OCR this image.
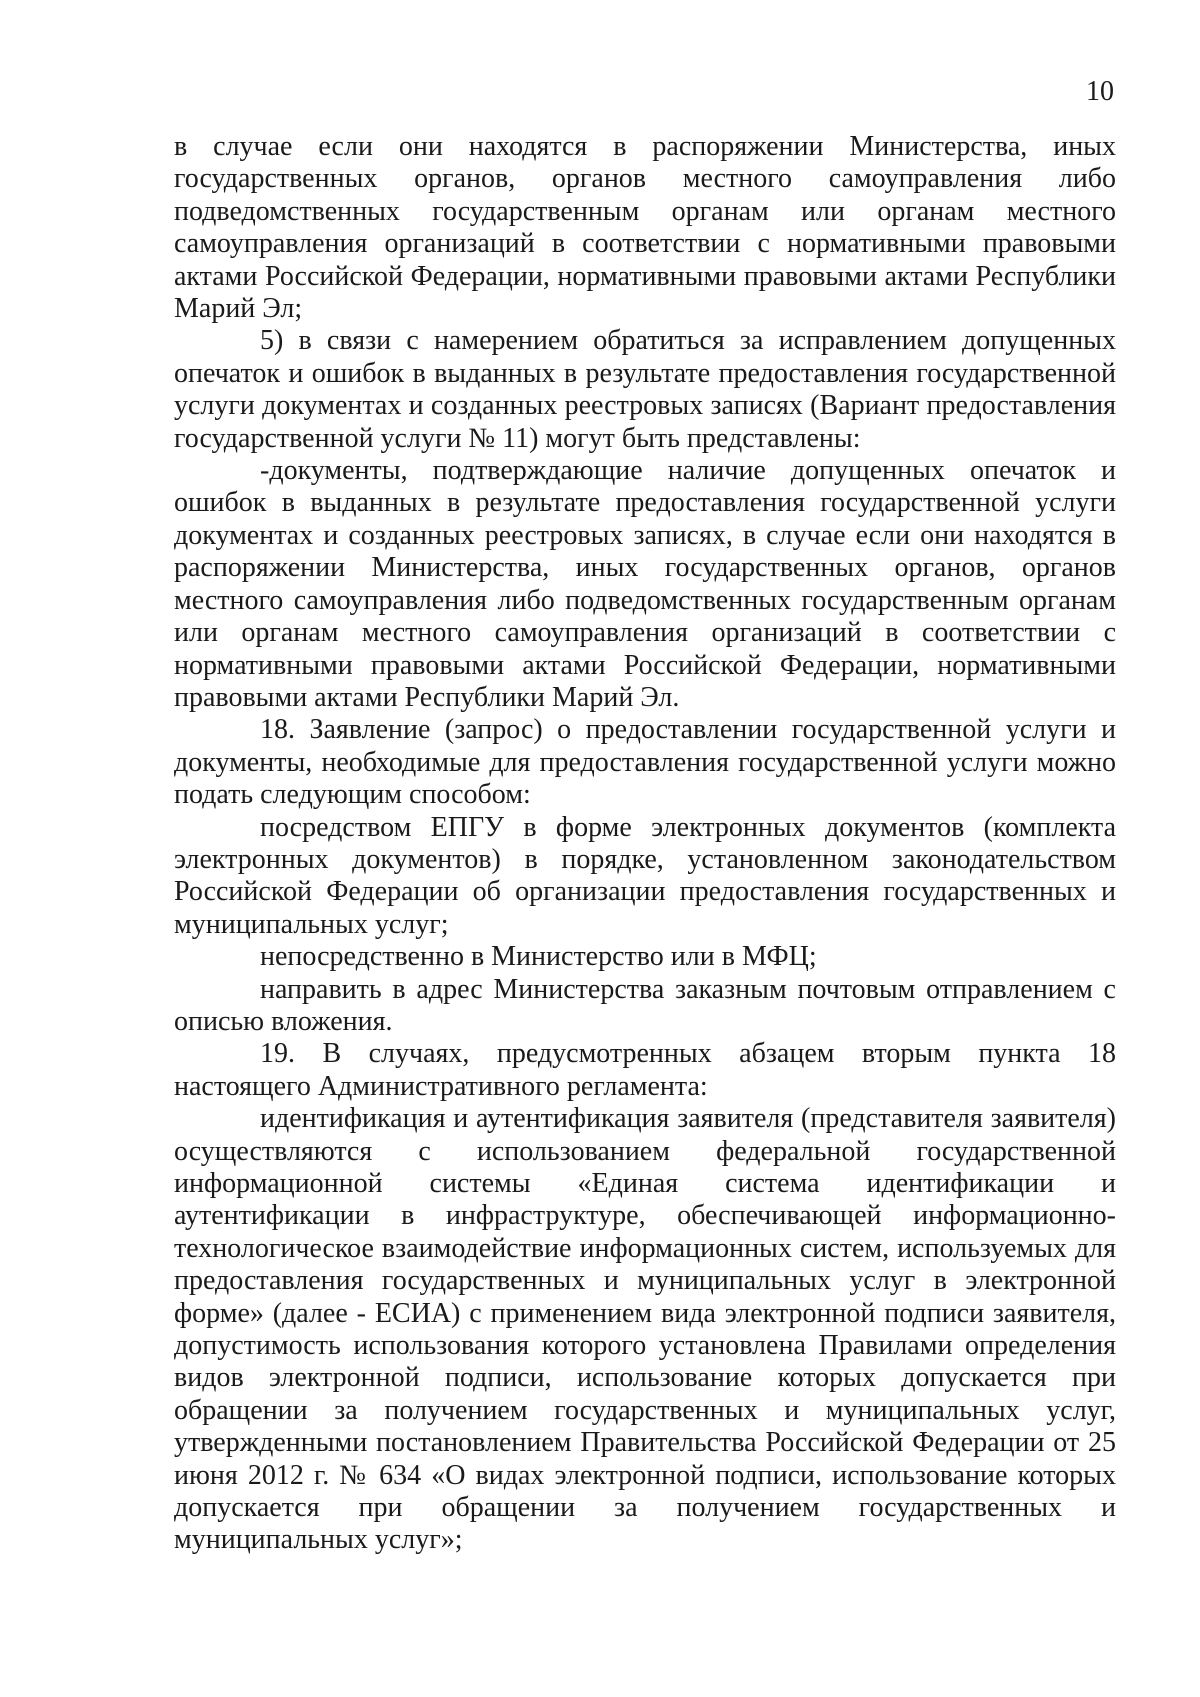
10

в случае если они находятся в распоряжении Министерства, иных государственных органов, органов местного самоуправления либо подведомственных государственным органам или органам местного самоуправления организаций в соответствии с нормативными правовыми актами Российской Федерации, нормативными правовыми актами Республики Марий Эл;

5) в связи с намерением обратиться за исправлением допущенных опечаток и ошибок в выданных в результате предоставления государственной услуги документах и созданных реестровых записях (Вариант предоставления государственной услуги № 11) могут быть представлены:

-документы, подтверждающие наличие допущенных опечаток и ошибок в выданных в результате предоставления государственной услуги документах и созданных реестровых записях, в случае если они находятся в распоряжении Министерства, иных государственных органов, органов местного самоуправления либо подведомственных государственным органам или органам местного самоуправления организаций в соответствии с нормативными правовыми актами Российской Федерации, нормативными правовыми актами Республики Марий Эл.

18. Заявление (запрос) о предоставлении государственной услуги и документы, необходимые для предоставления государственной услуги можно подать следующим способом:

посредством ЕПГУ в форме электронных документов (комплекта электронных документов) в порядке, установленном законодательством Российской Федерации об организации предоставления государственных и муниципальных услуг;

непосредственно в Министерство или в МФЦ;

направить в адрес Министерства заказным почтовым отправлением с описью вложения.

19. В случаях, предусмотренных абзацем вторым пункта 18 настоящего Административного регламента:

идентификация и аутентификация заявителя (представителя заявителя) осуществляются с использованием федеральной государственной информационной системы «Единая система идентификации и аутентификации в инфраструктуре, обеспечивающей информационно-технологическое взаимодействие информационных систем, используемых для предоставления государственных и муниципальных услуг в электронной форме» (далее - ЕСИА) с применением вида электронной подписи заявителя, допустимость использования которого установлена Правилами определения видов электронной подписи, использование которых допускается при обращении за получением государственных и муниципальных услуг, утвержденными постановлением Правительства Российской Федерации от 25 июня 2012 г. № 634 «О видах электронной подписи, использование которых допускается при обращении за получением государственных и муниципальных услуг»;
